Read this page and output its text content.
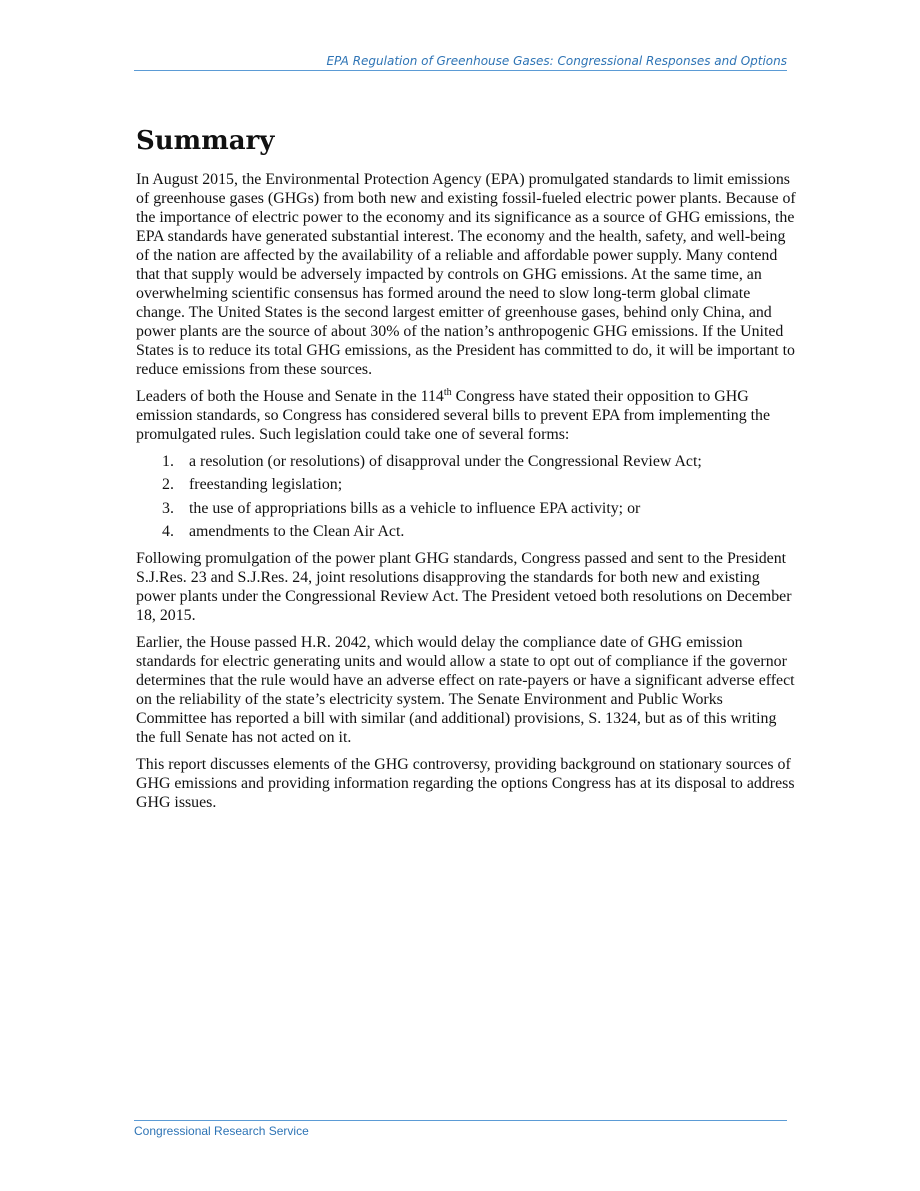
EPA Regulation of Greenhouse Gases: Congressional Responses and Options
Summary

In August 2015, the Environmental Protection Agency (EPA) promulgated standards to limit emissions of greenhouse gases (GHGs) from both new and existing fossil-fueled electric power plants. Because of the importance of electric power to the economy and its significance as a source of GHG emissions, the EPA standards have generated substantial interest. The economy and the health, safety, and well-being of the nation are affected by the availability of a reliable and affordable power supply. Many contend that that supply would be adversely impacted by controls on GHG emissions. At the same time, an overwhelming scientific consensus has formed around the need to slow long-term global climate change. The United States is the second largest emitter of greenhouse gases, behind only China, and power plants are the source of about 30% of the nation’s anthropogenic GHG emissions. If the United States is to reduce its total GHG emissions, as the President has committed to do, it will be important to reduce emissions from these sources.

Leaders of both the House and Senate in the 114th Congress have stated their opposition to GHG emission standards, so Congress has considered several bills to prevent EPA from implementing the promulgated rules. Such legislation could take one of several forms:

1. a resolution (or resolutions) of disapproval under the Congressional Review Act;
2. freestanding legislation;
3. the use of appropriations bills as a vehicle to influence EPA activity; or
4. amendments to the Clean Air Act.

Following promulgation of the power plant GHG standards, Congress passed and sent to the President S.J.Res. 23 and S.J.Res. 24, joint resolutions disapproving the standards for both new and existing power plants under the Congressional Review Act. The President vetoed both resolutions on December 18, 2015.

Earlier, the House passed H.R. 2042, which would delay the compliance date of GHG emission standards for electric generating units and would allow a state to opt out of compliance if the governor determines that the rule would have an adverse effect on rate-payers or have a significant adverse effect on the reliability of the state’s electricity system. The Senate Environment and Public Works Committee has reported a bill with similar (and additional) provisions, S. 1324, but as of this writing the full Senate has not acted on it.

This report discusses elements of the GHG controversy, providing background on stationary sources of GHG emissions and providing information regarding the options Congress has at its disposal to address GHG issues.

Congressional Research Service
